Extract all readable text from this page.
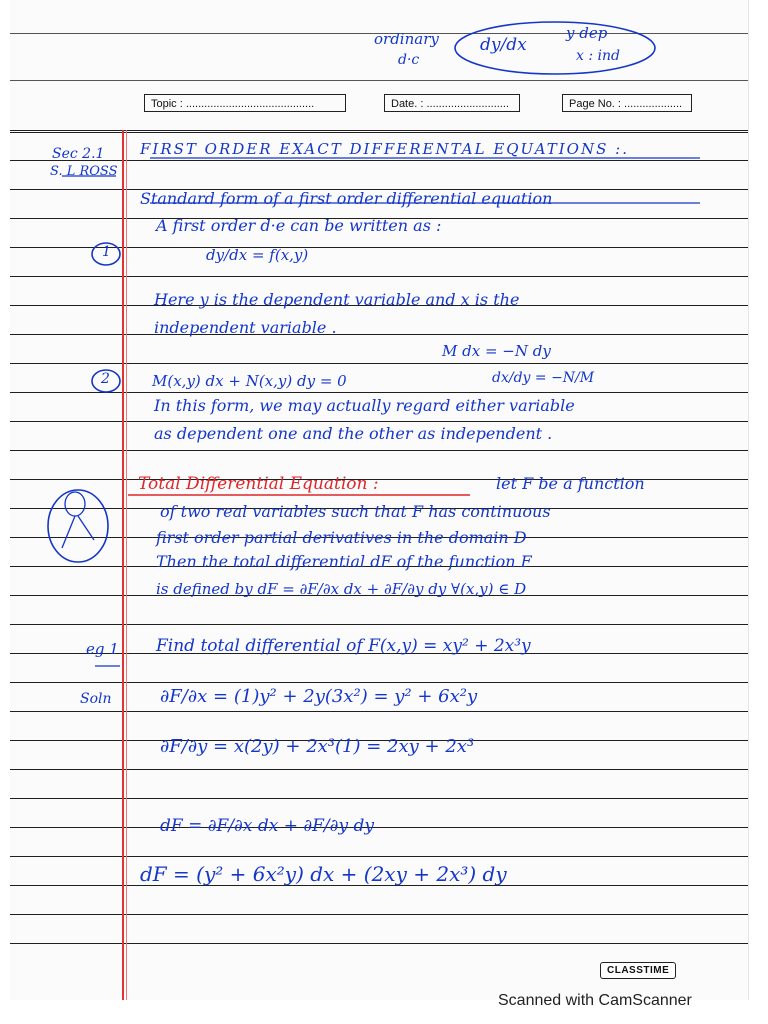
Topic : ..........................................	Date. : ...........................	Page No. : ...................
ordinary
d·c
dy/dx
y dep
x : ind
Sec 2.1
S. L ROSS
1
2
eg 1
Soln
FIRST ORDER EXACT DIFFERENTAL EQUATIONS :.
Standard form of a first order differential equation
A first order d·e can be written as :
dy/dx = f(x,y)
Here y is the dependent variable and x is the
independent variable .
M dx = −N dy
M(x,y) dx + N(x,y) dy = 0	dx/dy = −N/M
In this form, we may actually regard either variable
as dependent one and the other as independent .
Total Differential Equation :	let F be a function
of two real variables such that F has continuous
first order partial derivatives in the domain D
Then the total differential dF of the function F
is defined by dF = ∂F/∂x dx + ∂F/∂y dy ∀(x,y) ∈ D
Find total differential of F(x,y) = xy² + 2x³y
∂F/∂x = (1)y² + 2y(3x²) = y² + 6x²y
∂F/∂y = x(2y) + 2x³(1) = 2xy + 2x³
dF = ∂F/∂x dx + ∂F/∂y dy
dF = (y² + 6x²y) dx + (2xy + 2x³) dy
CLASSTIME
Scanned with CamScanner
